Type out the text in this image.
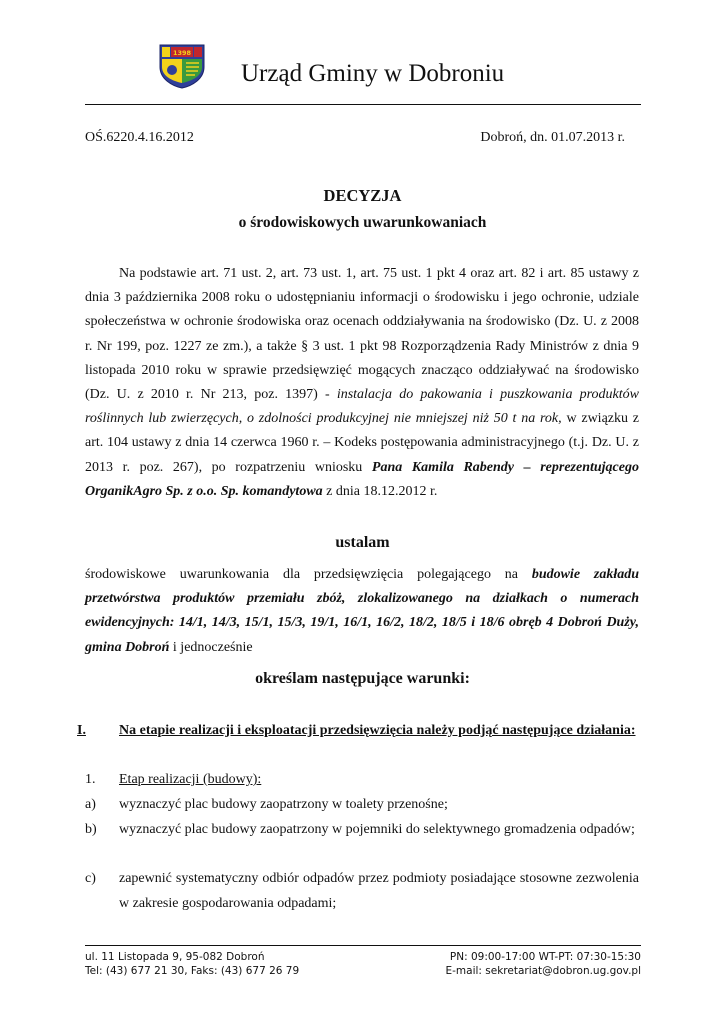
1398
Urząd Gminy w Dobroniu
OŚ.6220.4.16.2012	Dobroń, dn. 01.07.2013 r.
DECYZJA
o środowiskowych uwarunkowaniach
Na podstawie art. 71 ust. 2, art. 73 ust. 1, art. 75 ust. 1 pkt 4 oraz art. 82 i art. 85 ustawy z dnia 3 października 2008 roku o udostępnianiu informacji o środowisku i jego ochronie, udziale społeczeństwa w ochronie środowiska oraz ocenach oddziaływania na środowisko (Dz. U. z 2008 r. Nr 199, poz. 1227 ze zm.), a także § 3 ust. 1 pkt 98 Rozporządzenia Rady Ministrów z dnia 9 listopada 2010 roku w sprawie przedsięwzięć mogących znacząco oddziaływać na środowisko (Dz. U. z 2010 r. Nr 213, poz. 1397) - instalacja do pakowania i puszkowania produktów roślinnych lub zwierzęcych, o zdolności produkcyjnej nie mniejszej niż 50 t na rok, w związku z art. 104 ustawy z dnia 14 czerwca 1960 r. – Kodeks postępowania administracyjnego (t.j. Dz. U. z 2013 r. poz. 267), po rozpatrzeniu wniosku Pana Kamila Rabendy – reprezentującego OrganikAgro Sp. z o.o. Sp. komandytowa z dnia 18.12.2012 r.
ustalam
środowiskowe uwarunkowania dla przedsięwzięcia polegającego na budowie zakładu przetwórstwa produktów przemiału zbóż, zlokalizowanego na działkach o numerach ewidencyjnych: 14/1, 14/3, 15/1, 15/3, 19/1, 16/1, 16/2, 18/2, 18/5 i 18/6 obręb 4 Dobroń Duży, gmina Dobroń i jednocześnie
określam następujące warunki:
I. Na etapie realizacji i eksploatacji przedsięwzięcia należy podjąć następujące działania:
1. Etap realizacji (budowy):
a) wyznaczyć plac budowy zaopatrzony w toalety przenośne;
b) wyznaczyć plac budowy zaopatrzony w pojemniki do selektywnego gromadzenia odpadów;
c) zapewnić systematyczny odbiór odpadów przez podmioty posiadające stosowne zezwolenia w zakresie gospodarowania odpadami;
ul. 11 Listopada 9, 95-082 Dobroń
Tel: (43) 677 21 30, Faks: (43) 677 26 79
PN: 09:00-17:00 WT-PT: 07:30-15:30
E-mail: sekretariat@dobron.ug.gov.pl
